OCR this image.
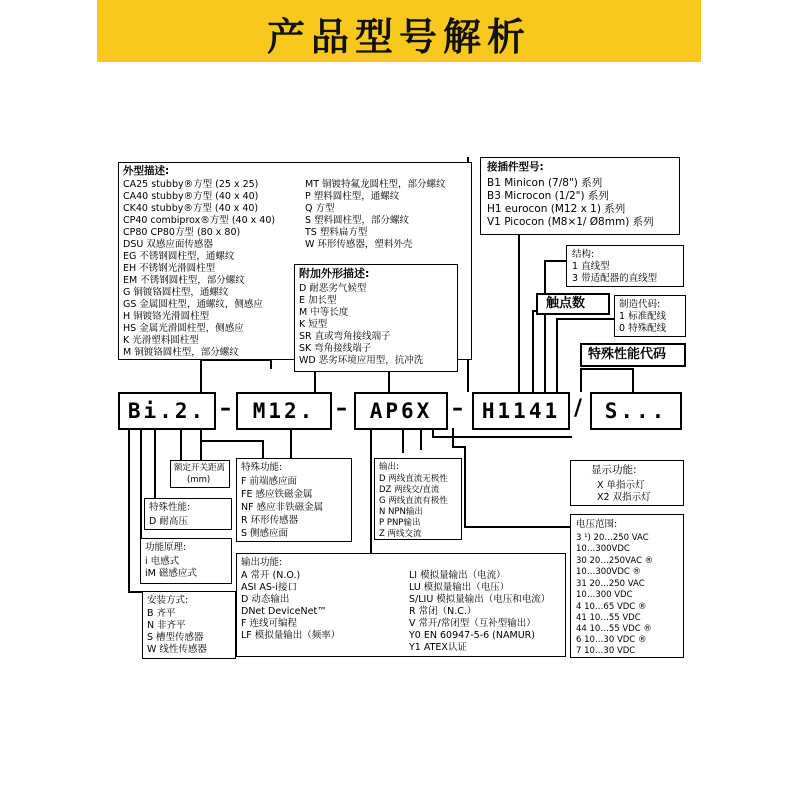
产品型号解析
外型描述:
CA25 stubby®方型 (25 x 25)
CA40 stubby®方型 (40 x 40)
CK40 stubby®方型 (40 x 40)
CP40 combiprox®方型 (40 x 40)
CP80 CP80方型 (80 x 80)
DSU 双感应面传感器
EG 不锈钢圆柱型，通螺纹
EH 不锈钢光滑圆柱型
EM 不锈钢圆柱型，部分螺纹
G 铜镀铬圆柱型，通螺纹
GS 金属圆柱型，通螺纹，侧感应
H 铜镀铬光滑圆柱型
HS 金属光滑圆柱型，侧感应
K 光滑塑料圆柱型
M 铜镀铬圆柱型，部分螺纹
MT 铜镀特氟龙圆柱型，部分螺纹
P 塑料圆柱型，通螺纹
Q 方型
S 塑料圆柱型，部分螺纹
TS 塑料扁方型
W 环形传感器，塑料外壳
接插件型号:
B1 Minicon (7/8") 系列
B3 Microcon (1/2") 系列
H1 eurocon (M12 x 1) 系列
V1 Picocon (M8×1/ Ø8mm) 系列
结构:
1 直线型
3 带适配器的直线型
触点数	制造代码:
1 标准配线
0 特殊配线
特殊性能代码
附加外形描述:
D 耐恶劣气候型
E 加长型
M 中等长度
K 短型
SR 直或弯角接线端子
SK 弯角接线端子
WD 恶劣环境应用型，抗冲洗
Bi.2. –	M12. –	AP6X – H1141 /	S...
额定开关距离
(mm)
特殊性能:
D 耐高压
功能原理:
i 电感式
iM 磁感应式
安装方式:
B 齐平
N 非齐平
S 槽型传感器
W 线性传感器
特殊功能:
F 前端感应面
FE 感应铁磁金属
NF 感应非铁磁金属
R 环形传感器
S 侧感应面
输出:
D 两线直流无极性
DZ 两线交/直流
G 两线直流有极性
N NPN输出
P PNP输出
Z 两线交流
显示功能:
X 单指示灯
X2 双指示灯
输出功能:
A 常开 (N.O.)
ASI AS-i接口
D 动态输出
DNet DeviceNet™
F 连线可编程
LF 模拟量输出（频率）
LI 模拟量输出（电流）
LU 模拟量输出（电压）
S/LIU 模拟量输出（电压和电流）
R 常闭（N.C.）
V 常开/常闭型（互补型输出）
Y0 EN 60947-5-6 (NAMUR)
Y1 ATEX认证
电压范围:
3 ¹) 20…250 VAC
10…300VDC
30 20…250VAC ®
10…300VDC ®
31 20…250 VAC
10…300 VDC
4 10…65 VDC ®
41 10…55 VDC
44 10…55 VDC ®
6 10…30 VDC ®
7 10…30 VDC
